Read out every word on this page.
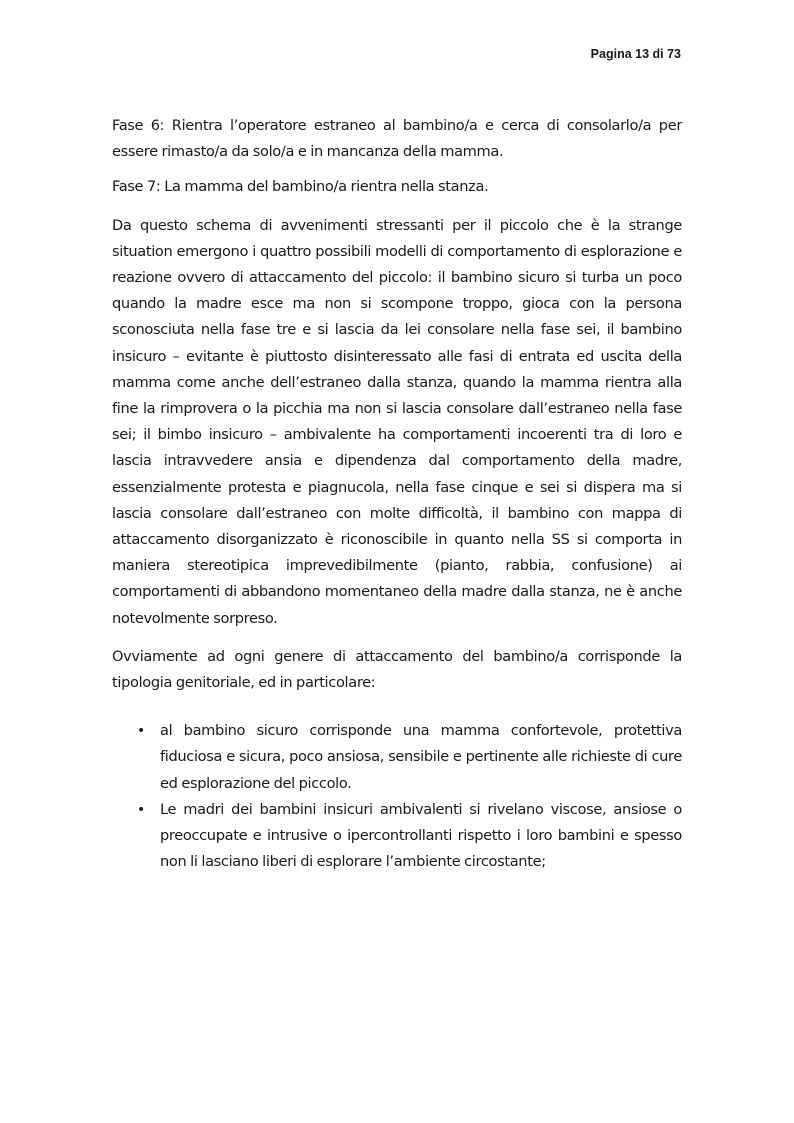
Pagina 13 di 73

Fase 6: Rientra l’operatore estraneo al bambino/a e cerca di consolarlo/a per essere rimasto/a da solo/a e in mancanza della mamma.

Fase 7: La mamma del bambino/a rientra nella stanza.

Da questo schema di avvenimenti stressanti per il piccolo che è la strange situation emergono i quattro possibili modelli di comportamento di esplorazione e reazione ovvero di attaccamento del piccolo: il bambino sicuro si turba un poco quando la madre esce ma non si scompone troppo, gioca con la persona sconosciuta nella fase tre e si lascia da lei consolare nella fase sei, il bambino insicuro – evitante è piuttosto disinteressato alle fasi di entrata ed uscita della mamma come anche dell’estraneo dalla stanza, quando la mamma rientra alla fine la rimprovera o la picchia ma non si lascia consolare dall’estraneo nella fase sei; il bimbo insicuro – ambivalente ha comportamenti incoerenti tra di loro e lascia intravvedere ansia e dipendenza dal comportamento della madre, essenzialmente protesta e piagnucola, nella fase cinque e sei si dispera ma si lascia consolare dall’estraneo con molte difficoltà, il bambino con mappa di attaccamento disorganizzato è riconoscibile in quanto nella SS si comporta in maniera stereotipica imprevedibilmente (pianto, rabbia, confusione) ai comportamenti di abbandono momentaneo della madre dalla stanza, ne è anche notevolmente sorpreso.

Ovviamente ad ogni genere di attaccamento del bambino/a corrisponde la tipologia genitoriale, ed in particolare:

• al bambino sicuro corrisponde una mamma confortevole, protettiva fiduciosa e sicura, poco ansiosa, sensibile e pertinente alle richieste di cure ed esplorazione del piccolo.
• Le madri dei bambini insicuri ambivalenti si rivelano viscose, ansiose o preoccupate e intrusive o ipercontrollanti rispetto i loro bambini e spesso non li lasciano liberi di esplorare l’ambiente circostante;
